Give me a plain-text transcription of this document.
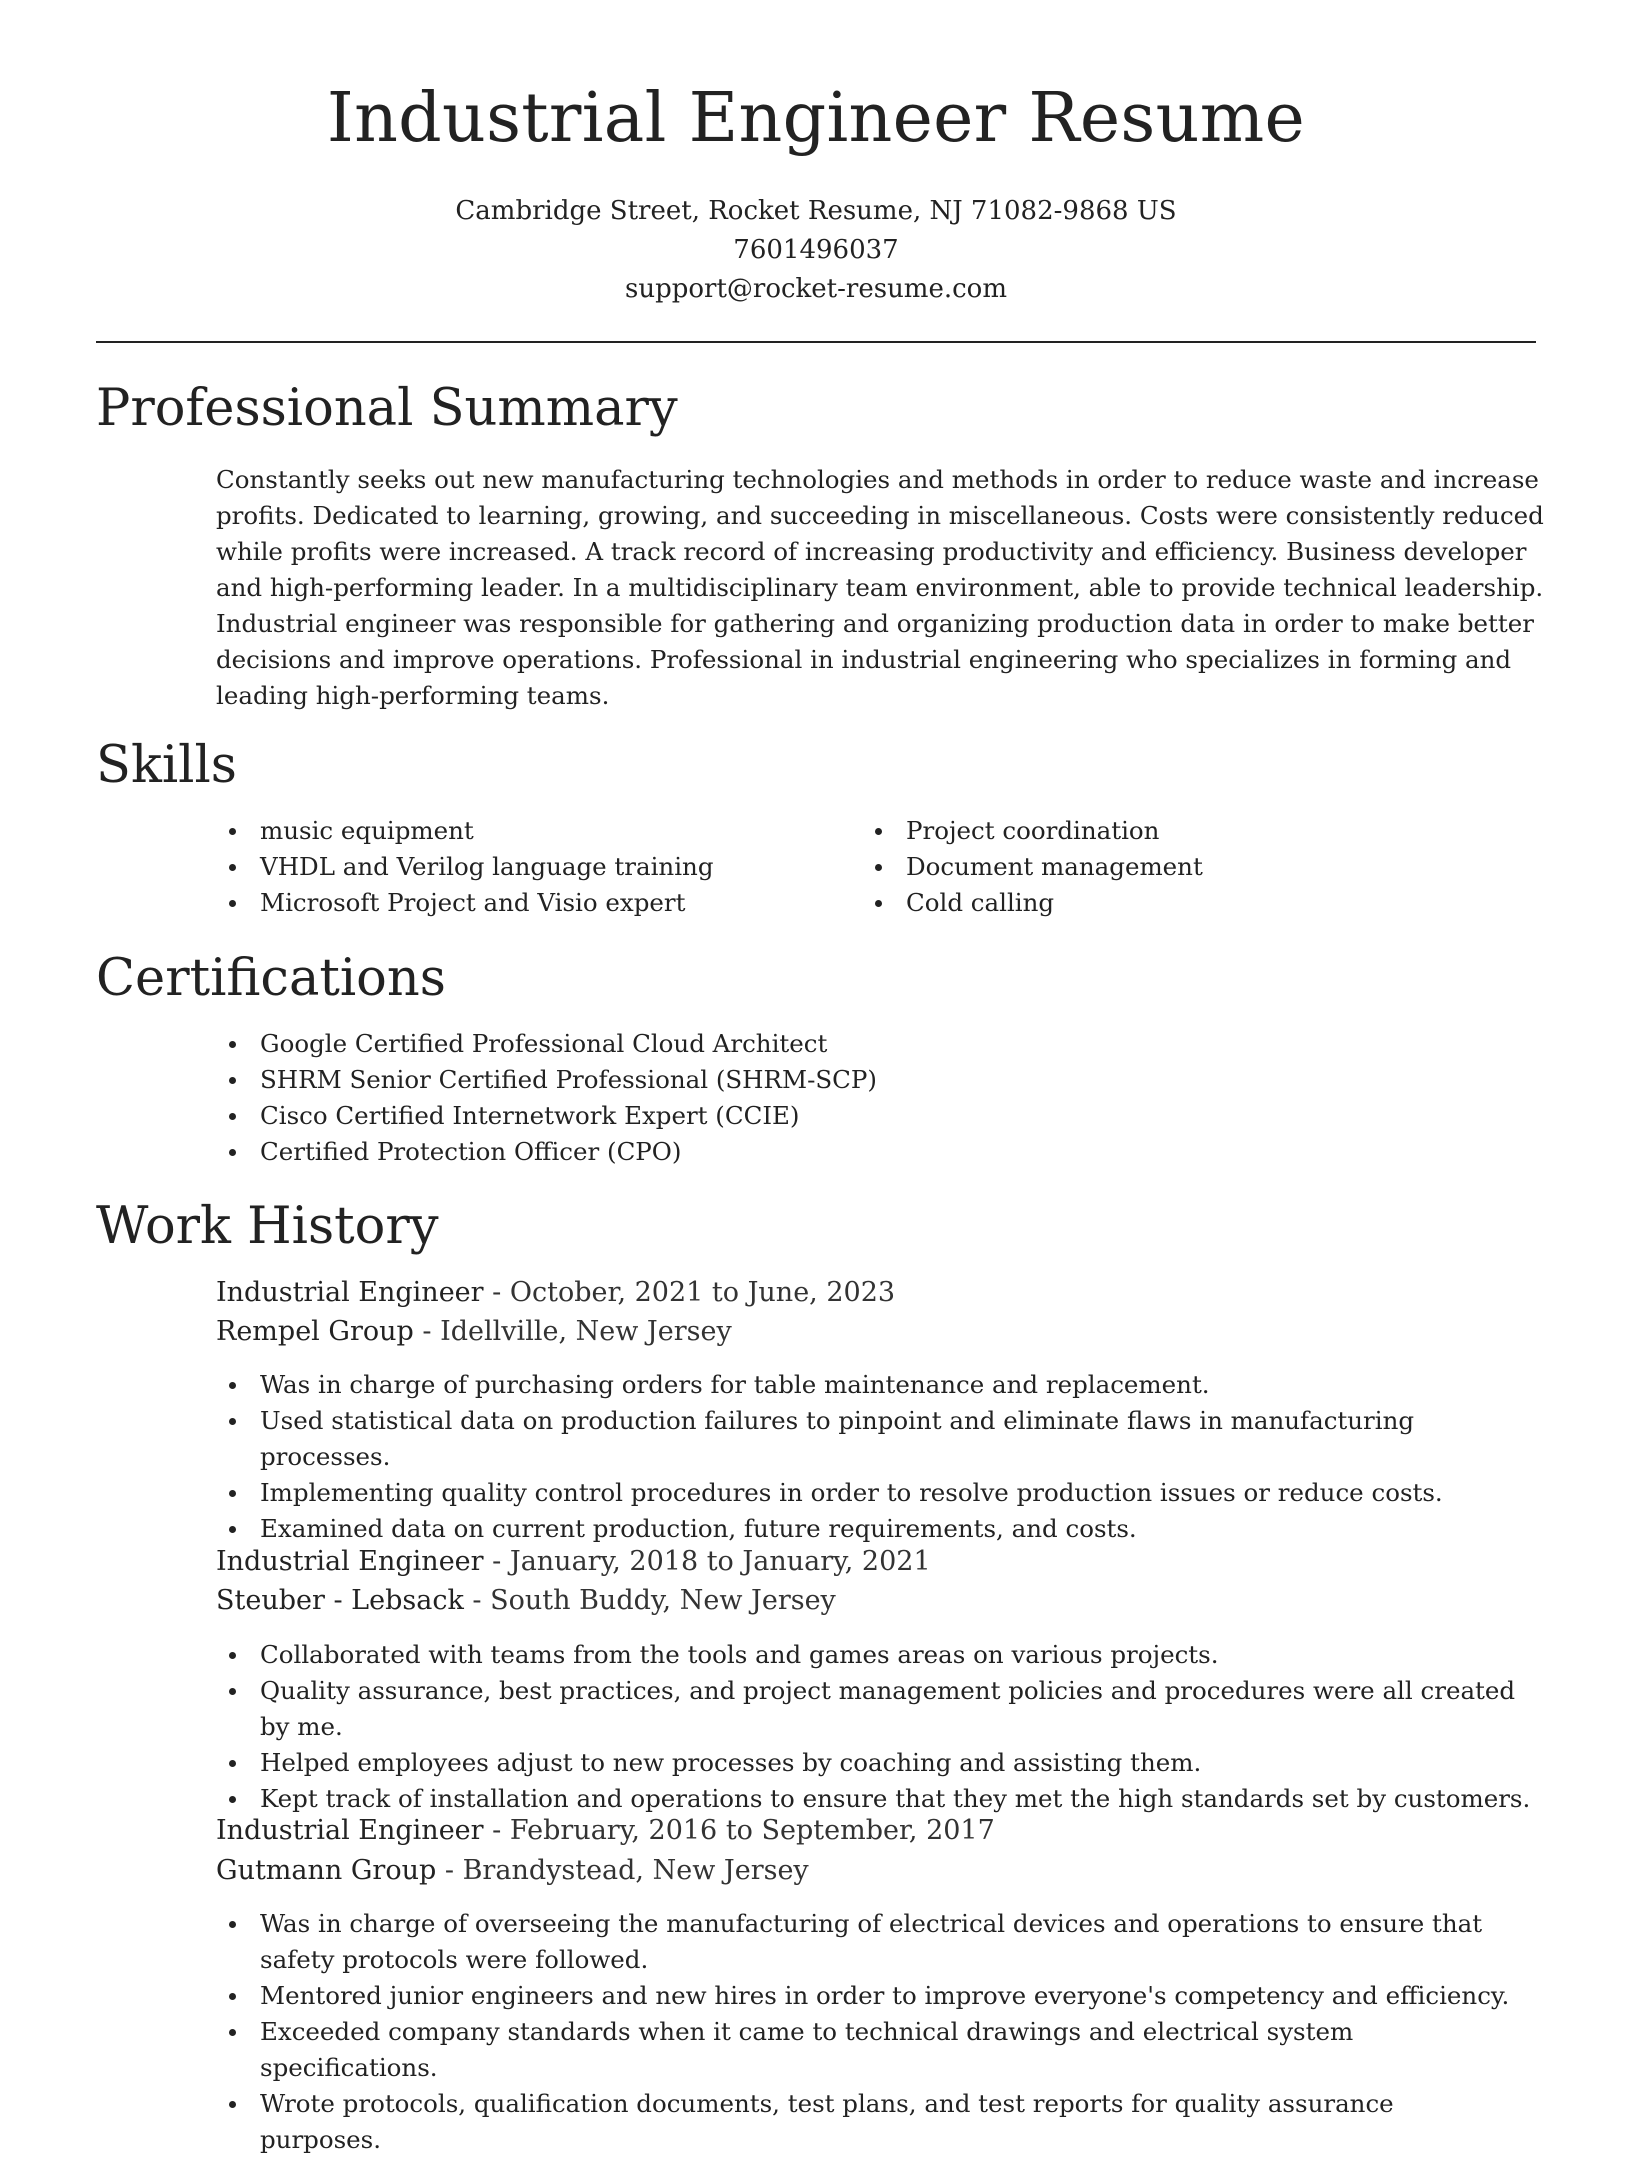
Industrial Engineer Resume
Cambridge Street, Rocket Resume, NJ 71082-9868 US
7601496037
support@rocket-resume.com
Professional Summary

Constantly seeks out new manufacturing technologies and methods in order to reduce waste and increase profits. Dedicated to learning, growing, and succeeding in miscellaneous. Costs were consistently reduced while profits were increased. A track record of increasing productivity and efficiency. Business developer and high-performing leader. In a multidisciplinary team environment, able to provide technical leadership. Industrial engineer was responsible for gathering and organizing production data in order to make better decisions and improve operations. Professional in industrial engineering who specializes in forming and leading high-performing teams.

Skills
music equipment
VHDL and Verilog language training
Microsoft Project and Visio expert
Project coordination
Document management
Cold calling
Certifications
Google Certified Professional Cloud Architect
SHRM Senior Certified Professional (SHRM-SCP)
Cisco Certified Internetwork Expert (CCIE)
Certified Protection Officer (CPO)
Work History
Industrial Engineer - October, 2021 to June, 2023
Rempel Group - Idellville, New Jersey
Was in charge of purchasing orders for table maintenance and replacement.
Used statistical data on production failures to pinpoint and eliminate flaws in manufacturing processes.
Implementing quality control procedures in order to resolve production issues or reduce costs.
Examined data on current production, future requirements, and costs.
Industrial Engineer - January, 2018 to January, 2021
Steuber - Lebsack - South Buddy, New Jersey
Collaborated with teams from the tools and games areas on various projects.
Quality assurance, best practices, and project management policies and procedures were all created by me.
Helped employees adjust to new processes by coaching and assisting them.
Kept track of installation and operations to ensure that they met the high standards set by customers.
Industrial Engineer - February, 2016 to September, 2017
Gutmann Group - Brandystead, New Jersey
Was in charge of overseeing the manufacturing of electrical devices and operations to ensure that safety protocols were followed.
Mentored junior engineers and new hires in order to improve everyone's competency and efficiency.
Exceeded company standards when it came to technical drawings and electrical system specifications.
Wrote protocols, qualification documents, test plans, and test reports for quality assurance purposes.
